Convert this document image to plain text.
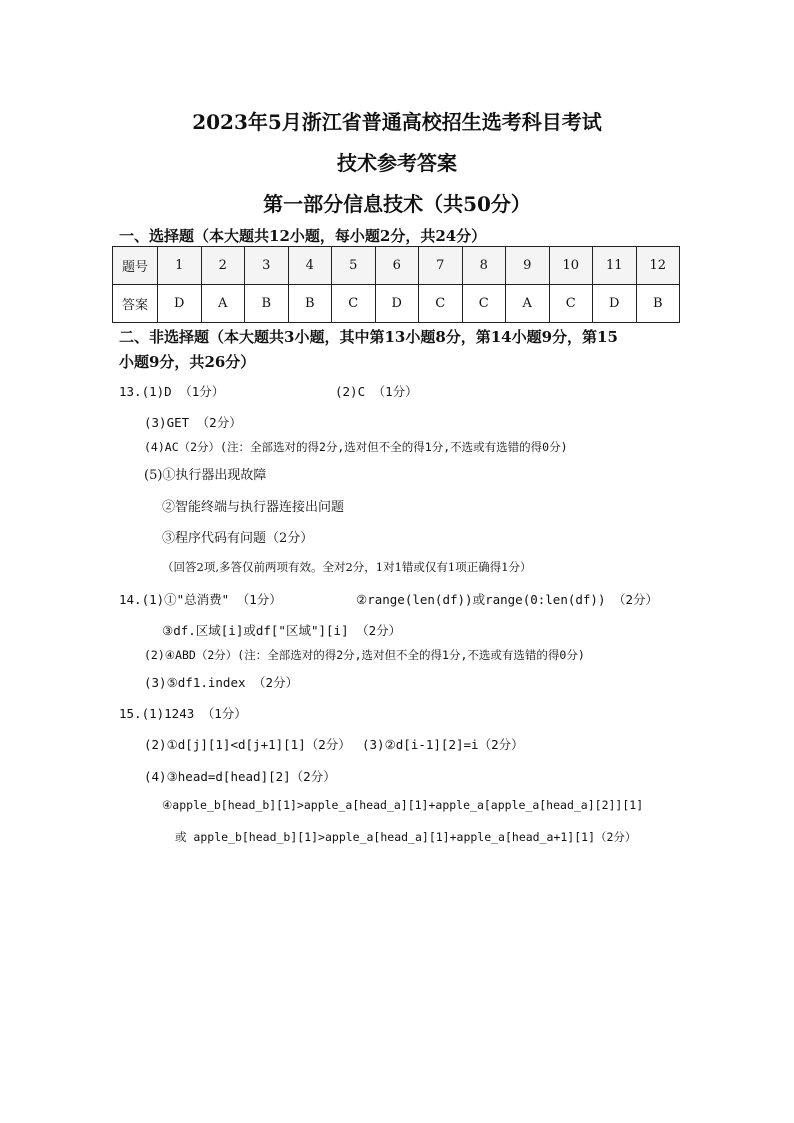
2023年5月浙江省普通高校招生选考科目考试
技术参考答案
第一部分信息技术（共50分）
一、选择题（本大题共12小题，每小题2分，共24分）
题号	1	2	3	4	5	6	7	8	9	10	11	12
答案	D	A	B	B	C	D	C	C	A	C	D	B
二、非选择题（本大题共3小题，其中第13小题8分，第14小题9分，第15
小题9分，共26分）
13.(1)D （1分）	(2)C （1分）
(3)GET （2分）
(4)AC（2分）(注：全部选对的得2分,选对但不全的得1分,不选或有选错的得0分)
(5)①执行器出现故障
②智能终端与执行器连接出问题
③程序代码有问题（2分）
（回答2项,多答仅前两项有效。全对2分，1对1错或仅有1项正确得1分）
14.(1)①"总消费" （1分）	②range(len(df))或range(0:len(df)) （2分）
③df.区域[i]或df["区域"][i] （2分）
(2)④ABD（2分）(注：全部选对的得2分,选对但不全的得1分,不选或有选错的得0分)
(3)⑤df1.index （2分）
15.(1)1243 （1分）
(2)①d[j][1]<d[j+1][1]（2分） (3)②d[i-1][2]=i（2分）
(4)③head=d[head][2]（2分）
④apple_b[head_b][1]>apple_a[head_a][1]+apple_a[apple_a[head_a][2]][1]
或 apple_b[head_b][1]>apple_a[head_a][1]+apple_a[head_a+1][1]（2分）
